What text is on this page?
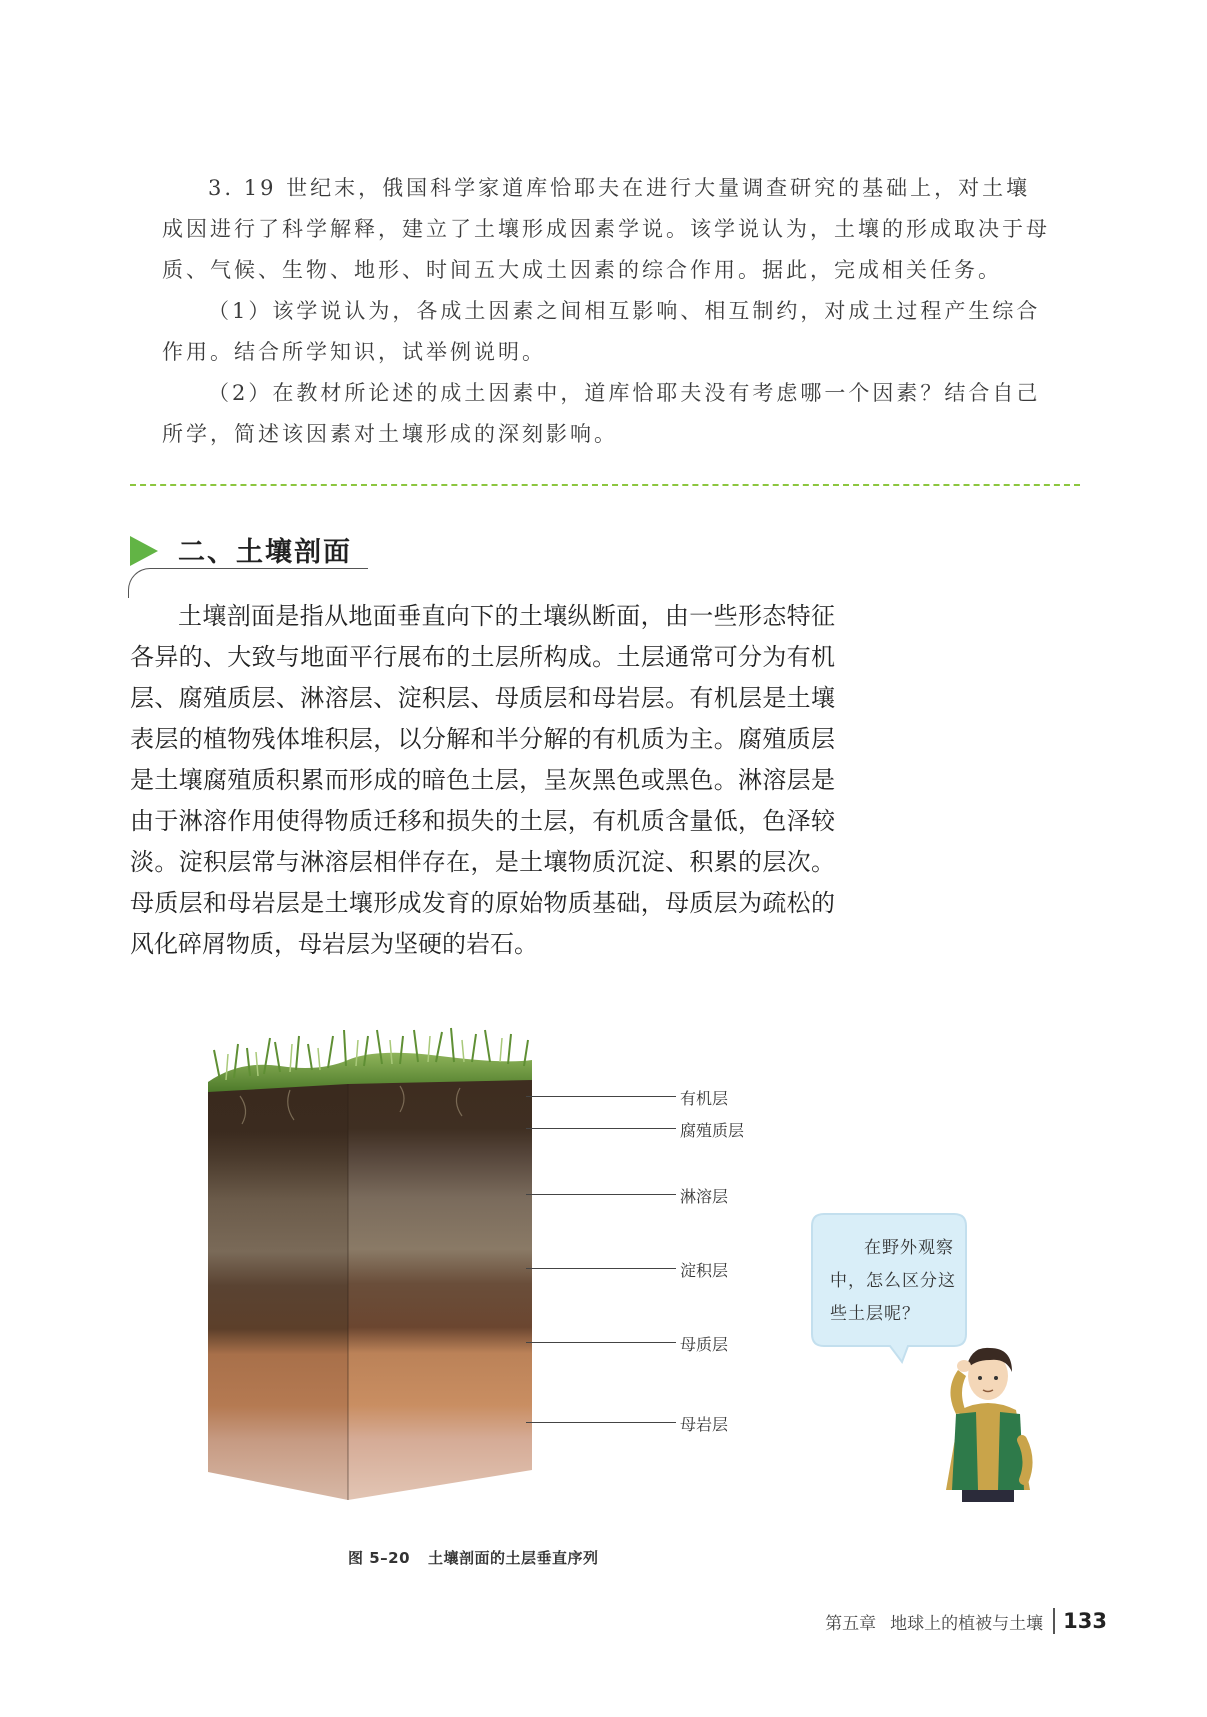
3. 19 世纪末，俄国科学家道库恰耶夫在进行大量调查研究的基础上，对土壤成因进行了科学解释，建立了土壤形成因素学说。该学说认为，土壤的形成取决于母质、气候、生物、地形、时间五大成土因素的综合作用。据此，完成相关任务。

（1）该学说认为，各成土因素之间相互影响、相互制约，对成土过程产生综合作用。结合所学知识，试举例说明。

（2）在教材所论述的成土因素中，道库恰耶夫没有考虑哪一个因素？结合自己所学，简述该因素对土壤形成的深刻影响。

二、土壤剖面

土壤剖面是指从地面垂直向下的土壤纵断面，由一些形态特征各异的、大致与地面平行展布的土层所构成。土层通常可分为有机层、腐殖质层、淋溶层、淀积层、母质层和母岩层。有机层是土壤表层的植物残体堆积层，以分解和半分解的有机质为主。腐殖质层是土壤腐殖质积累而形成的暗色土层，呈灰黑色或黑色。淋溶层是由于淋溶作用使得物质迁移和损失的土层，有机质含量低，色泽较淡。淀积层常与淋溶层相伴存在，是土壤物质沉淀、积累的层次。母质层和母岩层是土壤形成发育的原始物质基础，母质层为疏松的风化碎屑物质，母岩层为坚硬的岩石。

有机层
腐殖质层
淋溶层
淀积层
母质层
母岩层
图 5–20 土壤剖面的土层垂直序列
在野外观察
中，怎么区分这些土层呢？
第五章 地球上的植被与土壤 133
